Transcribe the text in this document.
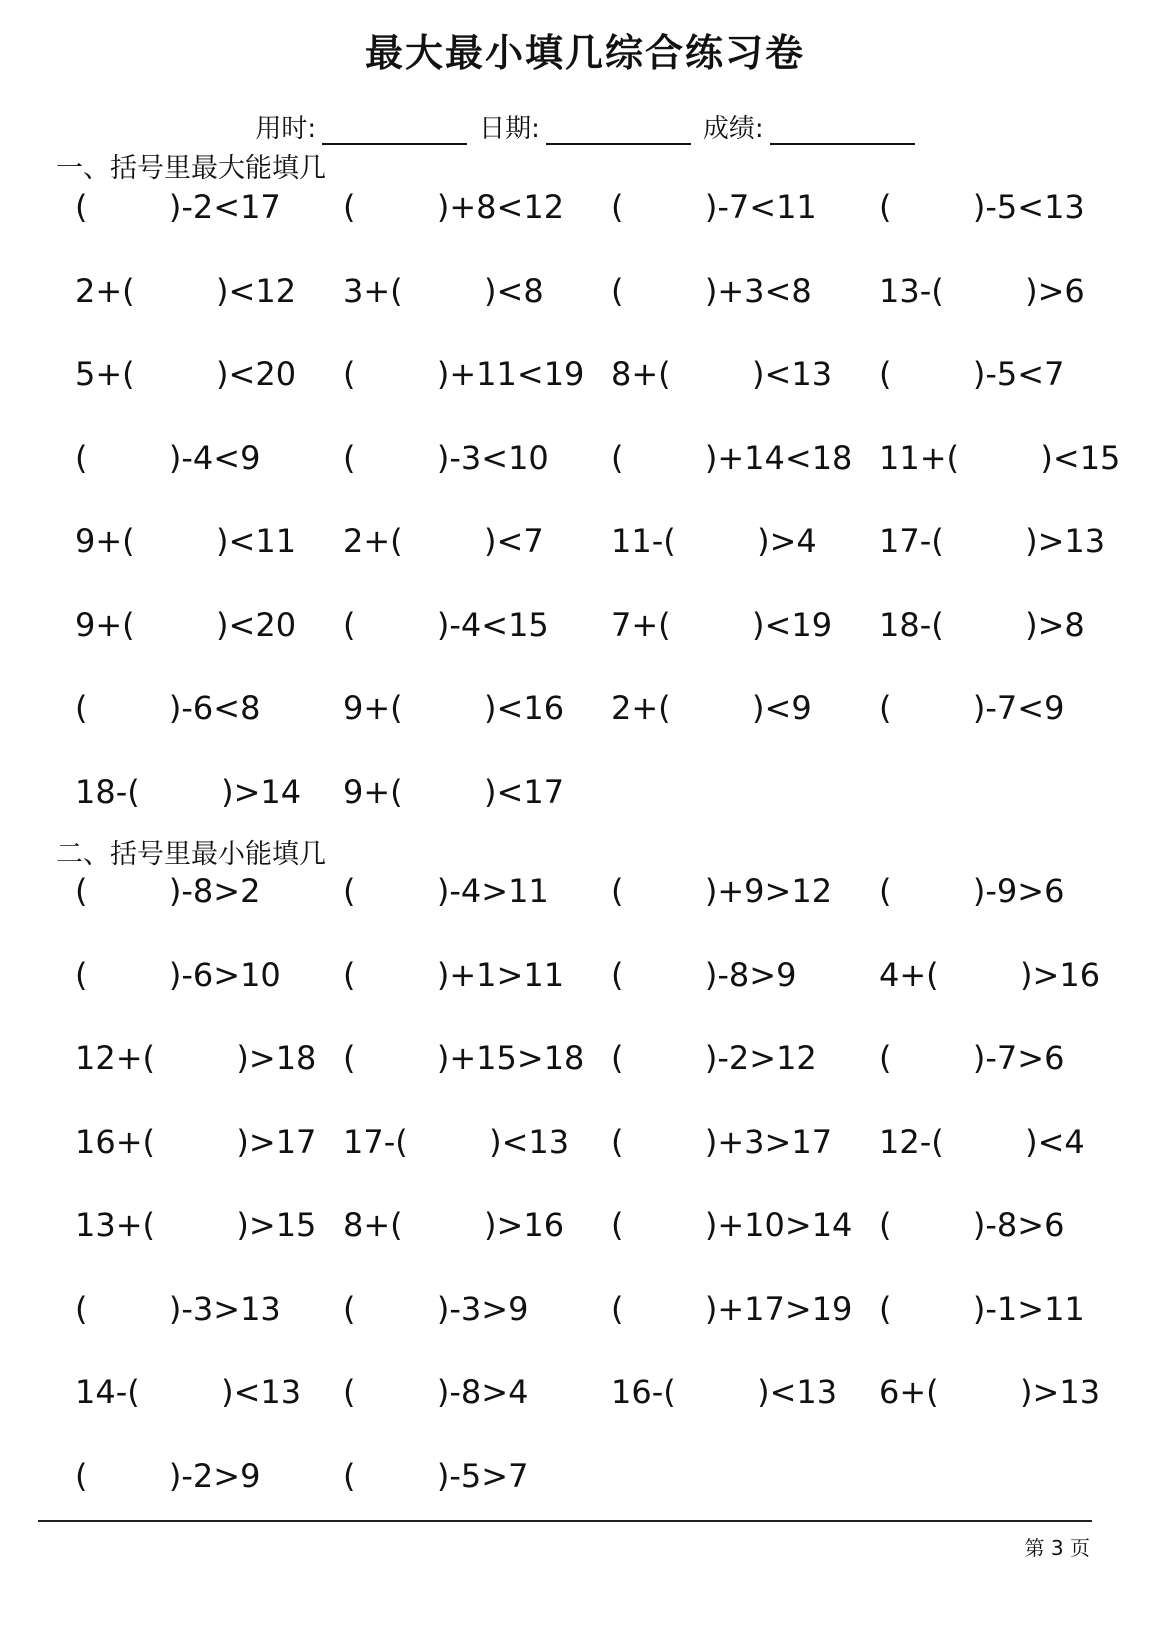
最大最小填几综合练习卷
用时:	日期:	成绩:
一、括号里最大能填几
(        )-2<17 (        )+8<12 (        )-7<11 (        )-5<13
2+(        )<12 3+(        )<8 (        )+3<8 13-(        )>6
5+(        )<20 (        )+11<19 8+(        )<13 (        )-5<7
(        )-4<9	(        )-3<10 (        )+14<18 11+(        )<15
9+(        )<11 2+(        )<7 11-(        )>4 17-(        )>13
9+(        )<20 (        )-4<15 7+(        )<19 18-(        )>8
(        )-6<8	9+(        )<16 2+(        )<9 (        )-7<9
18-(        )>14 9+(        )<17
二、括号里最小能填几
(        )-8>2	(        )-4>11 (        )+9>12 (        )-9>6
(        )-6>10 (        )+1>11 (        )-8>9	4+(        )>16
12+(        )>18 (        )+15>18 (        )-2>12 (        )-7>6
16+(        )>17 17-(        )<13 (        )+3>17 12-(        )<4
13+(        )>15 8+(        )>16 (        )+10>14 (        )-8>6
(        )-3>13 (        )-3>9	(        )+17>19 (        )-1>11
14-(        )<13 (        )-8>4	16-(        )<13 6+(        )>13
(        )-2>9	(        )-5>7
第 3 页
